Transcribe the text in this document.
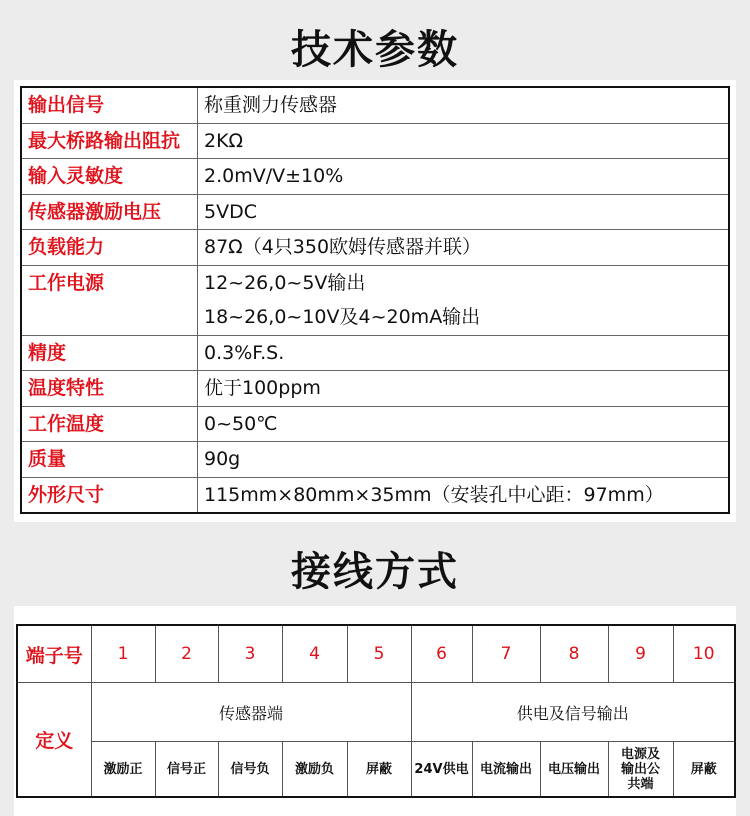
技术参数
输出信号	称重测力传感器

最大桥路输出阻抗	2KΩ

输入灵敏度	2.0mV/V±10%

传感器激励电压	5VDC

负载能力	87Ω（4只350欧姆传感器并联）

工作电源	12~26,0~5V输出
18~26,0~10V及4~20mA输出

精度	0.3%F.S.

温度特性	优于100ppm

工作温度	0~50℃

质量	90g

外形尺寸	115mm×80mm×35mm（安装孔中心距：97mm）
接线方式
端子号	1	2	3	4	5	6	7	8	9	10
定义	传感器端					供电及信号输出				
	激励正	信号正	信号负	激励负	屏蔽	24V供电	电流输出	电压输出	电源及
输出公
共端	屏蔽
